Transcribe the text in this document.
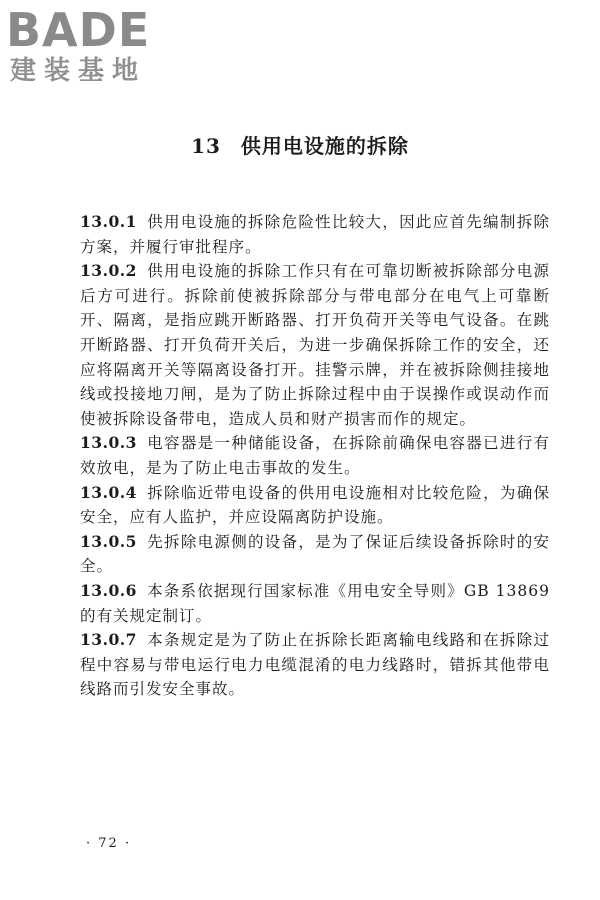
BADE
建装基地
13 供用电设施的拆除

13.0.1 供用电设施的拆除危险性比较大，因此应首先编制拆除方案，并履行审批程序。

13.0.2 供用电设施的拆除工作只有在可靠切断被拆除部分电源后方可进行。拆除前使被拆除部分与带电部分在电气上可靠断开、隔离，是指应跳开断路器、打开负荷开关等电气设备。在跳开断路器、打开负荷开关后，为进一步确保拆除工作的安全，还应将隔离开关等隔离设备打开。挂警示牌，并在被拆除侧挂接地线或投接地刀闸，是为了防止拆除过程中由于误操作或误动作而使被拆除设备带电，造成人员和财产损害而作的规定。

13.0.3 电容器是一种储能设备，在拆除前确保电容器已进行有效放电，是为了防止电击事故的发生。

13.0.4 拆除临近带电设备的供用电设施相对比较危险，为确保安全，应有人监护，并应设隔离防护设施。

13.0.5 先拆除电源侧的设备，是为了保证后续设备拆除时的安全。

13.0.6 本条系依据现行国家标准《用电安全导则》GB 13869 的有关规定制订。

13.0.7 本条规定是为了防止在拆除长距离输电线路和在拆除过程中容易与带电运行电力电缆混淆的电力线路时，错拆其他带电线路而引发安全事故。

· 72 ·
